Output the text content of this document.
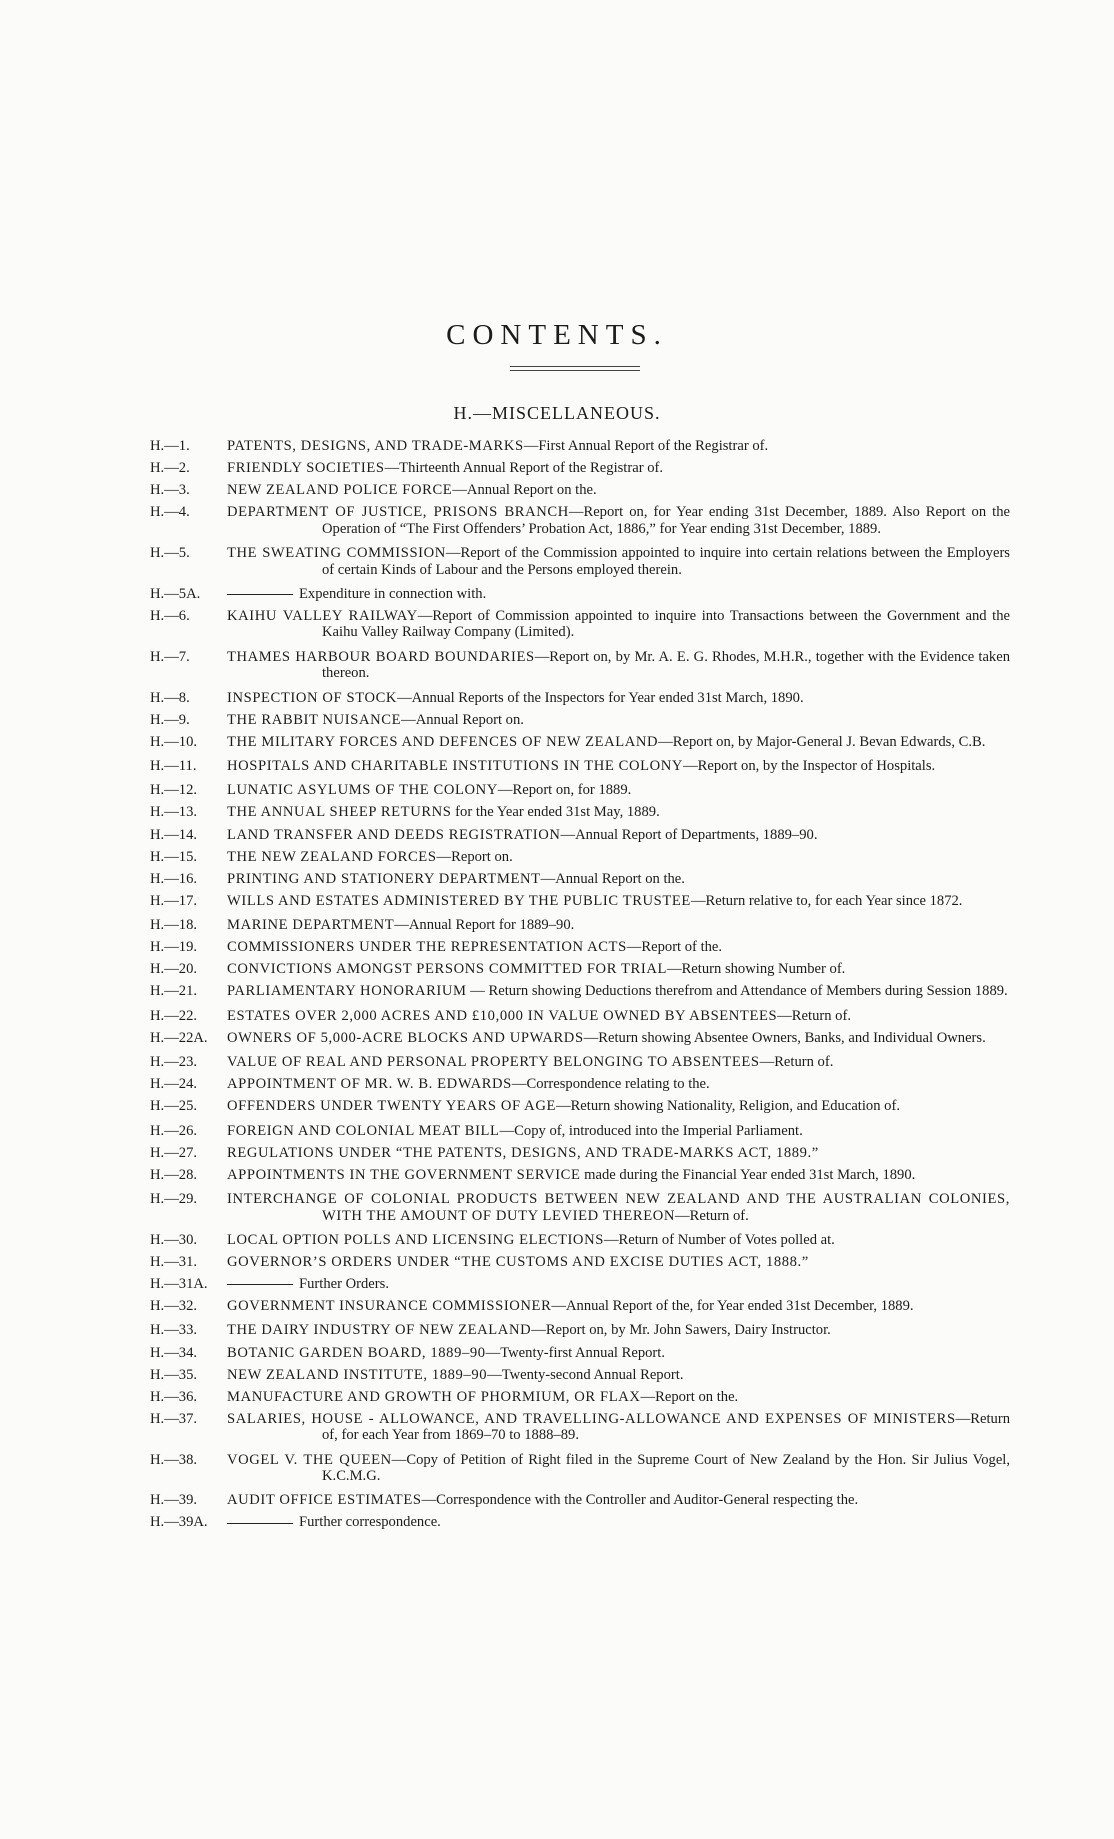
CONTENTS.
H.—MISCELLANEOUS.
H.—1.	PATENTS, DESIGNS, AND TRADE-MARKS—First Annual Report of the Registrar of.
H.—2.	FRIENDLY SOCIETIES—Thirteenth Annual Report of the Registrar of.
H.—3.	NEW ZEALAND POLICE FORCE—Annual Report on the.
H.—4.	DEPARTMENT OF JUSTICE, PRISONS BRANCH—Report on, for Year ending 31st December, 1889. Also Report on the Operation of “The First Offenders’ Probation Act, 1886,” for Year ending 31st December, 1889.
H.—5.	THE SWEATING COMMISSION—Report of the Commission appointed to inquire into certain relations between the Employers of certain Kinds of Labour and the Persons employed therein.
H.—5A.	Expenditure in connection with.
H.—6.	KAIHU VALLEY RAILWAY—Report of Commission appointed to inquire into Transactions between the Government and the Kaihu Valley Railway Company (Limited).
H.—7.	THAMES HARBOUR BOARD BOUNDARIES—Report on, by Mr. A. E. G. Rhodes, M.H.R., together with the Evidence taken thereon.
H.—8.	INSPECTION OF STOCK—Annual Reports of the Inspectors for Year ended 31st March, 1890.
H.—9.	THE RABBIT NUISANCE—Annual Report on.
H.—10.	THE MILITARY FORCES AND DEFENCES OF NEW ZEALAND—Report on, by Major-General J. Bevan Edwards, C.B.
H.—11.	HOSPITALS AND CHARITABLE INSTITUTIONS IN THE COLONY—Report on, by the Inspector of Hospitals.
H.—12.	LUNATIC ASYLUMS OF THE COLONY—Report on, for 1889.
H.—13.	THE ANNUAL SHEEP RETURNS for the Year ended 31st May, 1889.
H.—14.	LAND TRANSFER AND DEEDS REGISTRATION—Annual Report of Departments, 1889–90.
H.—15.	THE NEW ZEALAND FORCES—Report on.
H.—16.	PRINTING AND STATIONERY DEPARTMENT—Annual Report on the.
H.—17.	WILLS AND ESTATES ADMINISTERED BY THE PUBLIC TRUSTEE—Return relative to, for each Year since 1872.
H.—18.	MARINE DEPARTMENT—Annual Report for 1889–90.
H.—19.	COMMISSIONERS UNDER THE REPRESENTATION ACTS—Report of the.
H.—20.	CONVICTIONS AMONGST PERSONS COMMITTED FOR TRIAL—Return showing Number of.
H.—21.	PARLIAMENTARY HONORARIUM — Return showing Deductions therefrom and Attendance of Members during Session 1889.
H.—22.	ESTATES OVER 2,000 ACRES AND £10,000 IN VALUE OWNED BY ABSENTEES—Return of.
H.—22A.	OWNERS OF 5,000-ACRE BLOCKS AND UPWARDS—Return showing Absentee Owners, Banks, and Individual Owners.
H.—23.	VALUE OF REAL AND PERSONAL PROPERTY BELONGING TO ABSENTEES—Return of.
H.—24.	APPOINTMENT OF MR. W. B. EDWARDS—Correspondence relating to the.
H.—25.	OFFENDERS UNDER TWENTY YEARS OF AGE—Return showing Nationality, Religion, and Education of.
H.—26.	FOREIGN AND COLONIAL MEAT BILL—Copy of, introduced into the Imperial Parliament.
H.—27.	REGULATIONS UNDER “THE PATENTS, DESIGNS, AND TRADE-MARKS ACT, 1889.”
H.—28.	APPOINTMENTS IN THE GOVERNMENT SERVICE made during the Financial Year ended 31st March, 1890.
H.—29.	INTERCHANGE OF COLONIAL PRODUCTS BETWEEN NEW ZEALAND AND THE AUSTRALIAN COLONIES, WITH THE AMOUNT OF DUTY LEVIED THEREON—Return of.
H.—30.	LOCAL OPTION POLLS AND LICENSING ELECTIONS—Return of Number of Votes polled at.
H.—31.	GOVERNOR’S ORDERS UNDER “THE CUSTOMS AND EXCISE DUTIES ACT, 1888.”
H.—31A.	Further Orders.
H.—32.	GOVERNMENT INSURANCE COMMISSIONER—Annual Report of the, for Year ended 31st December, 1889.
H.—33.	THE DAIRY INDUSTRY OF NEW ZEALAND—Report on, by Mr. John Sawers, Dairy Instructor.
H.—34.	BOTANIC GARDEN BOARD, 1889–90—Twenty-first Annual Report.
H.—35.	NEW ZEALAND INSTITUTE, 1889–90—Twenty-second Annual Report.
H.—36.	MANUFACTURE AND GROWTH OF PHORMIUM, OR FLAX—Report on the.
H.—37.	SALARIES, HOUSE - ALLOWANCE, AND TRAVELLING-ALLOWANCE AND EXPENSES OF MINISTERS—Return of, for each Year from 1869–70 to 1888–89.
H.—38.	VOGEL V. THE QUEEN—Copy of Petition of Right filed in the Supreme Court of New Zealand by the Hon. Sir Julius Vogel, K.C.M.G.
H.—39.	AUDIT OFFICE ESTIMATES—Correspondence with the Controller and Auditor-General respecting the.
H.—39A.	Further correspondence.
